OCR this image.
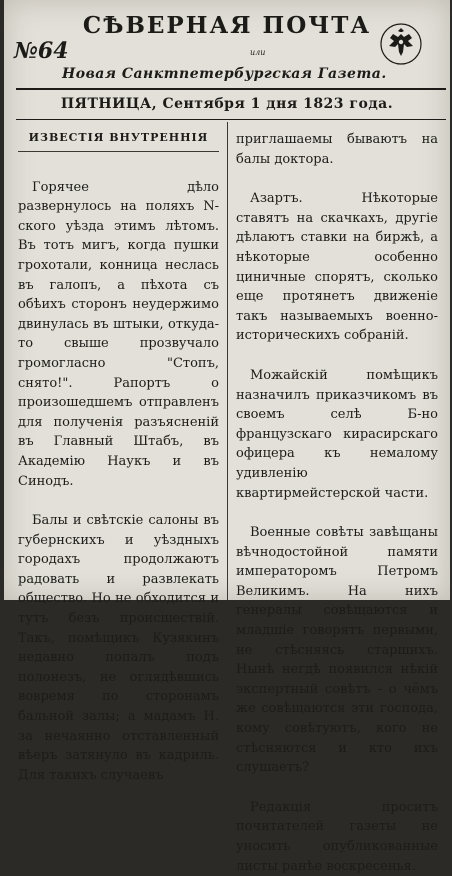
СѢВЕРНАЯ ПОЧТА
№64	или
Новая Санктпетербургская Газета.
ПЯТНИЦА, Сентября 1 дня 1823 года.
ИЗВЕСТІЯ ВНУТРЕННІЯ

Горячее дѣло развернулось на поляхъ N-ского уѣзда этимъ лѣтомъ. Въ тотъ мигъ, когда пушки грохотали, конница неслась въ галопъ, а пѣхота съ обѣихъ сторонъ неудержимо двинулась въ штыки, откуда-то свыше прозвучало громогласно "Стопъ, снято!". Рапортъ о произошедшемъ отправленъ для полученія разъясненій въ Главный Штабъ, въ Академію Наукъ и въ Синодъ.

Балы и свѣтскіе салоны въ губернскихъ и уѣздныхъ городахъ продолжаютъ радовать и развлекать общество. Но не обходится и тутъ безъ происшествій. Такъ, помѣщикъ Кузякинъ недавно попалъ подъ полонезъ, не оглядѣвшись вовремя по сторонамъ бальной залы; а мадамъ Н. за нечаянно отставленный вѣеръ затянуло въ кадриль. Для такихъ случаевъ

приглашаемы бываютъ на балы доктора.

Азартъ. Нѣкоторые ставятъ на скачкахъ, другіе дѣлаютъ ставки на биржѣ, а нѣкоторые особенно циничные спорятъ, сколько еще протянетъ движеніе такъ называемыхъ военно-историческихъ собраній.

Можайскій помѣщикъ назначилъ приказчикомъ въ своемъ селѣ Б-но французскаго кирасирскаго офицера къ немалому удивленію квартирмейстерской части.

Военные совѣты завѣщаны вѣчнодостойной памяти императоромъ Петромъ Великимъ. На нихъ генералы совѣщаются и младшіе говорятъ первыми, не стѣсняясь старшихъ. Нынѣ негдѣ появился нѣкій экспертный совѣтъ - о чёмъ же совѣщаются эти господа, кому совѣтуютъ, кого не стѣсняются и кто ихъ слушаетъ?

Редакція проситъ почитателей газеты не уносить опубликованные листы ранѣе воскресенья.
